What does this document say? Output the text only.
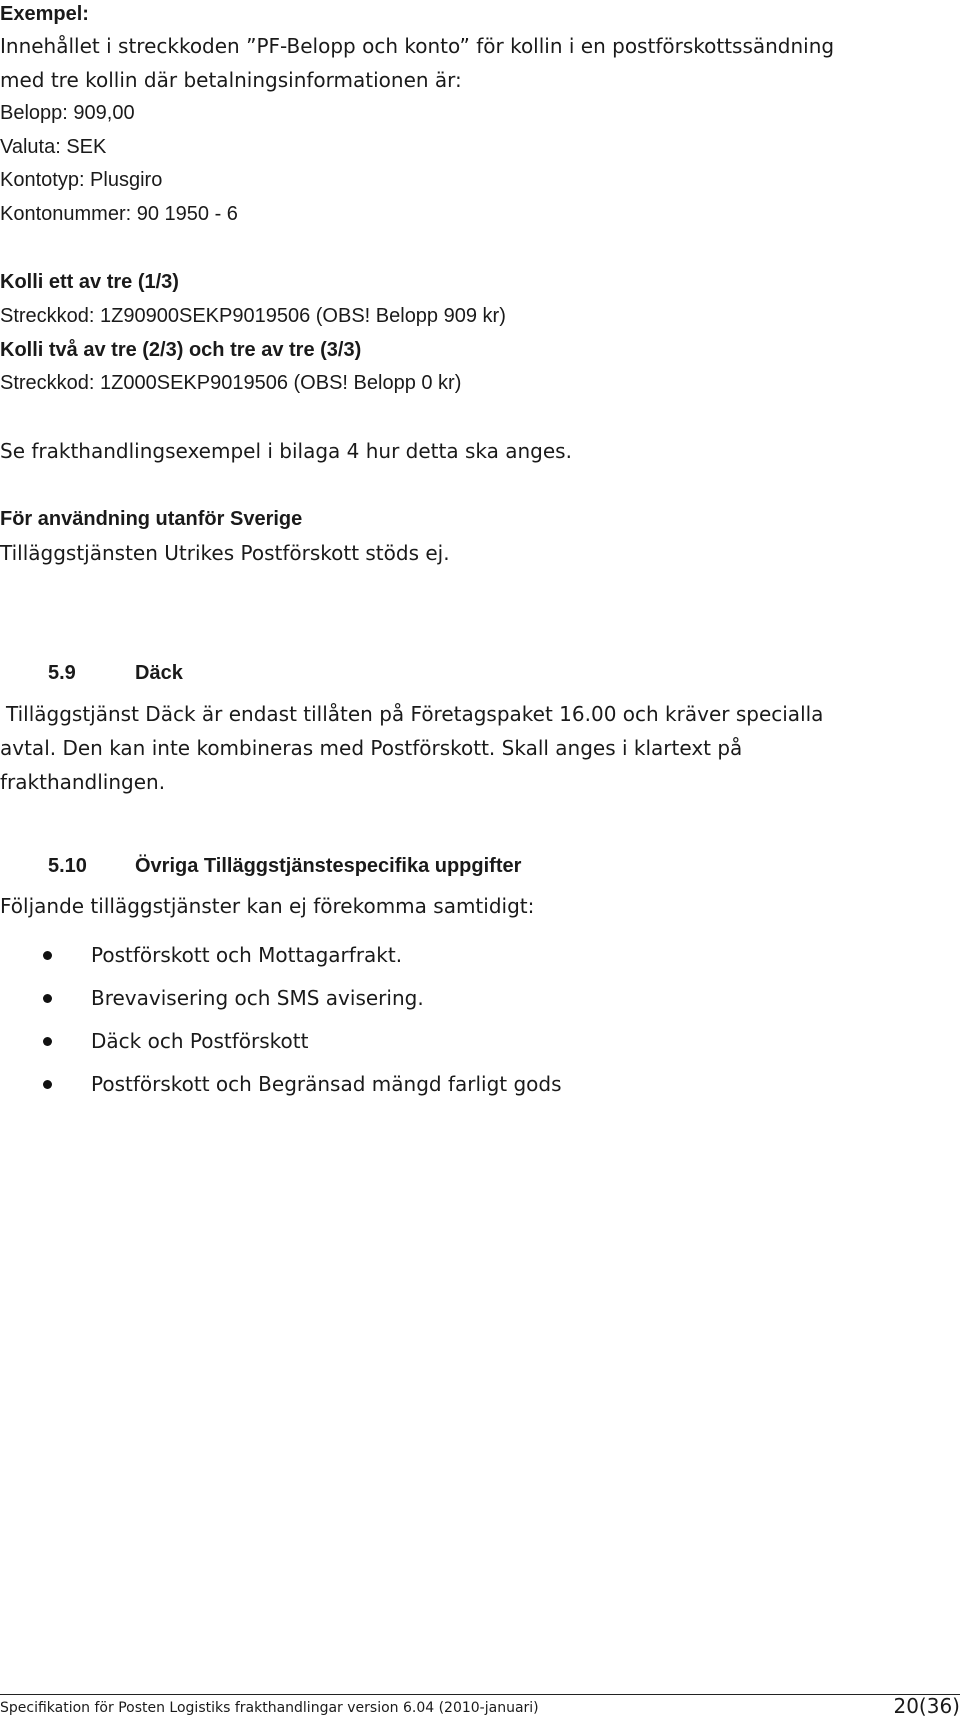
Exempel:
Innehållet i streckkoden ”PF-Belopp och konto” för kollin i en postförskottssändning
med tre kollin där betalningsinformationen är:
Belopp: 909,00
Valuta: SEK
Kontotyp: Plusgiro
Kontonummer: 90 1950 - 6
Kolli ett av tre (1/3)
Streckkod: 1Z90900SEKP9019506 (OBS! Belopp 909 kr)
Kolli två av tre (2/3) och tre av tre (3/3)
Streckkod: 1Z000SEKP9019506 (OBS! Belopp 0 kr)
Se frakthandlingsexempel i bilaga 4 hur detta ska anges.
För användning utanför Sverige
Tilläggstjänsten Utrikes Postförskott stöds ej.
5.9	Däck
Tilläggstjänst Däck är endast tillåten på Företagspaket 16.00 och kräver specialla
avtal. Den kan inte kombineras med Postförskott. Skall anges i klartext på
frakthandlingen.
5.10 Övriga Tilläggstjänstespecifika uppgifter
Följande tilläggstjänster kan ej förekomma samtidigt:
Postförskott och Mottagarfrakt.
Brevavisering och SMS avisering.
Däck och Postförskott
Postförskott och Begränsad mängd farligt gods
Specifikation för Posten Logistiks frakthandlingar version 6.04 (2010-januari)	20(36)
